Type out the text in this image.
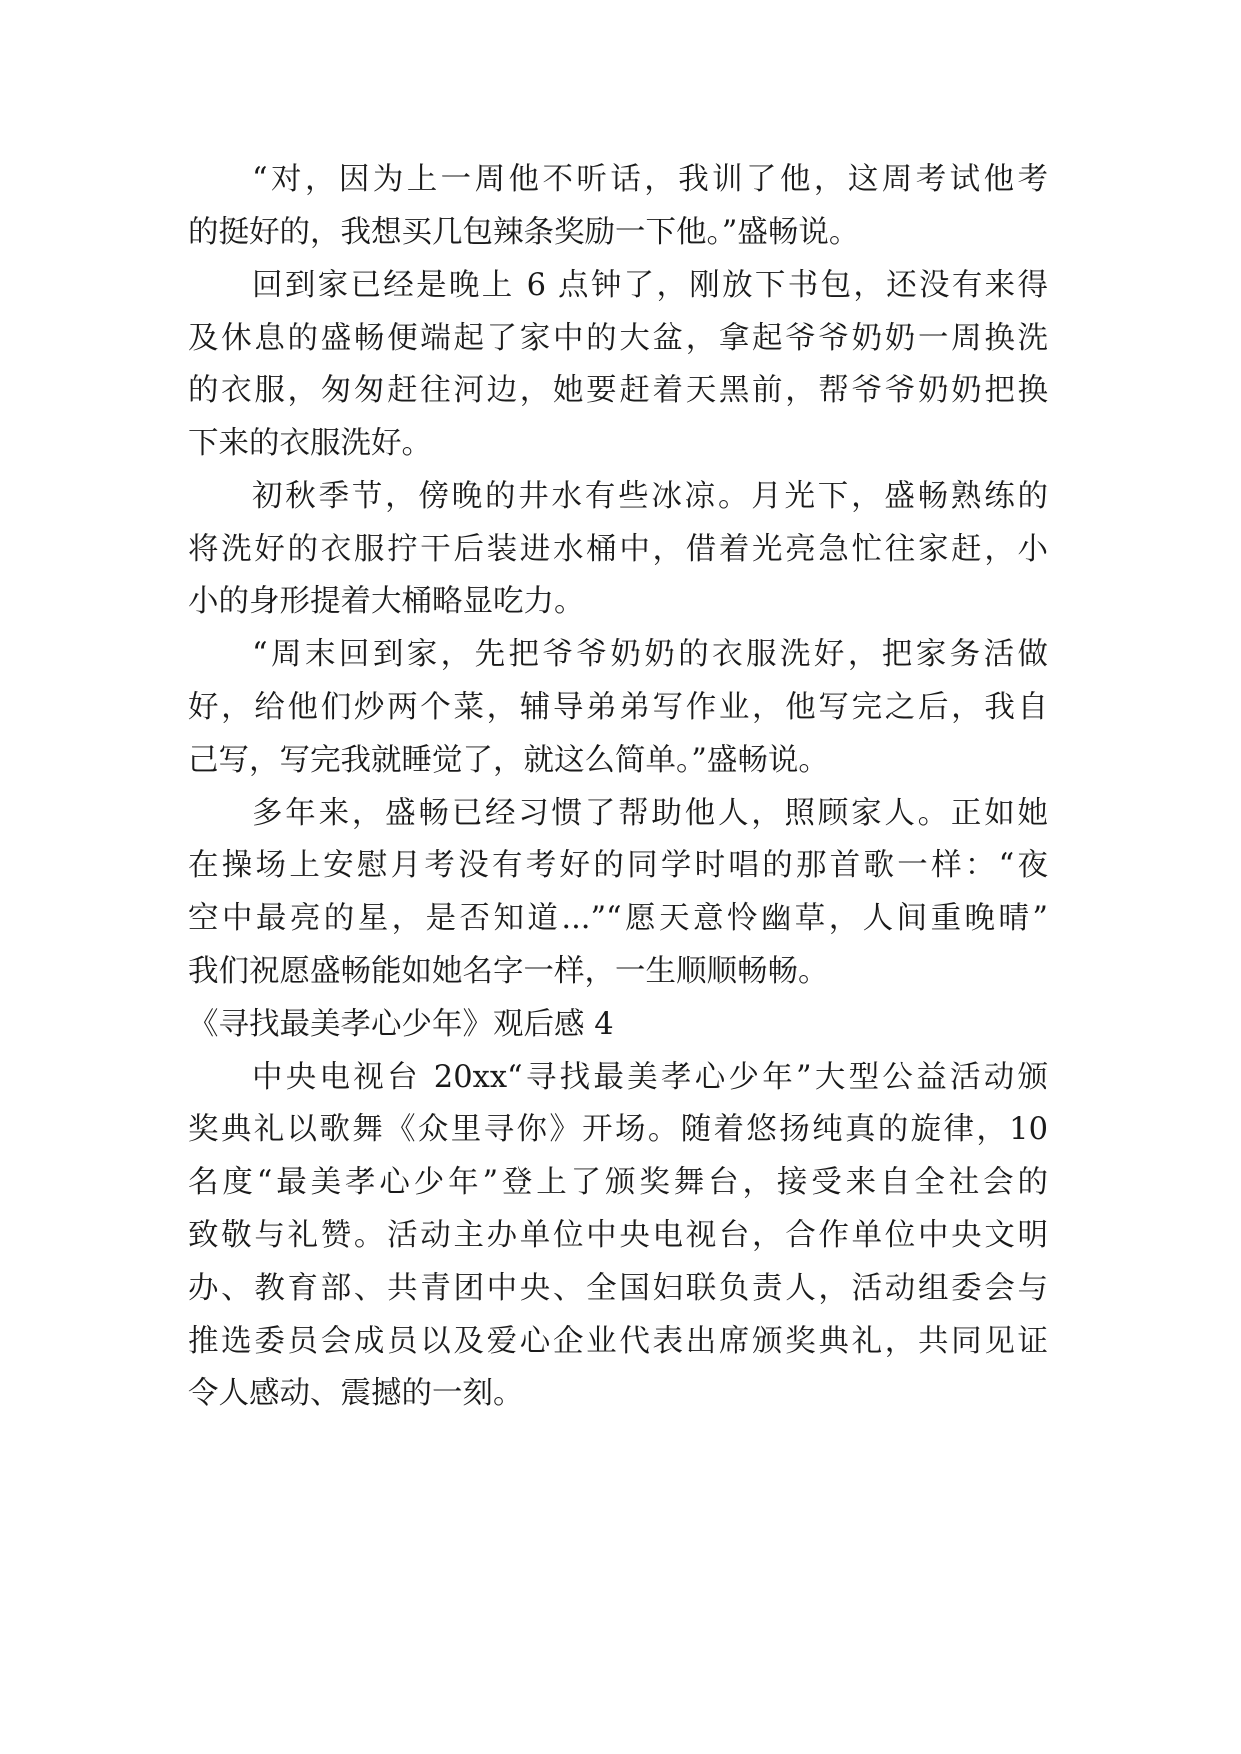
“对，因为上一周他不听话，我训了他，这周考试他考
的挺好的，我想买几包辣条奖励一下他。”盛畅说。
回到家已经是晚上 6 点钟了，刚放下书包，还没有来得
及休息的盛畅便端起了家中的大盆，拿起爷爷奶奶一周换洗
的衣服，匆匆赶往河边，她要赶着天黑前，帮爷爷奶奶把换
下来的衣服洗好。
初秋季节，傍晚的井水有些冰凉。月光下，盛畅熟练的
将洗好的衣服拧干后装进水桶中，借着光亮急忙往家赶，小
小的身形提着大桶略显吃力。
“周末回到家，先把爷爷奶奶的衣服洗好，把家务活做
好，给他们炒两个菜，辅导弟弟写作业，他写完之后，我自
己写，写完我就睡觉了，就这么简单。”盛畅说。
多年来，盛畅已经习惯了帮助他人，照顾家人。正如她
在操场上安慰月考没有考好的同学时唱的那首歌一样：“夜
空中最亮的星，是否知道...”“愿天意怜幽草，人间重晚晴”
我们祝愿盛畅能如她名字一样，一生顺顺畅畅。
《寻找最美孝心少年》观后感 4
中央电视台 20xx“寻找最美孝心少年”大型公益活动颁
奖典礼以歌舞《众里寻你》开场。随着悠扬纯真的旋律，10
名度“最美孝心少年”登上了颁奖舞台，接受来自全社会的
致敬与礼赞。活动主办单位中央电视台，合作单位中央文明
办、教育部、共青团中央、全国妇联负责人，活动组委会与
推选委员会成员以及爱心企业代表出席颁奖典礼，共同见证
令人感动、震撼的一刻。
